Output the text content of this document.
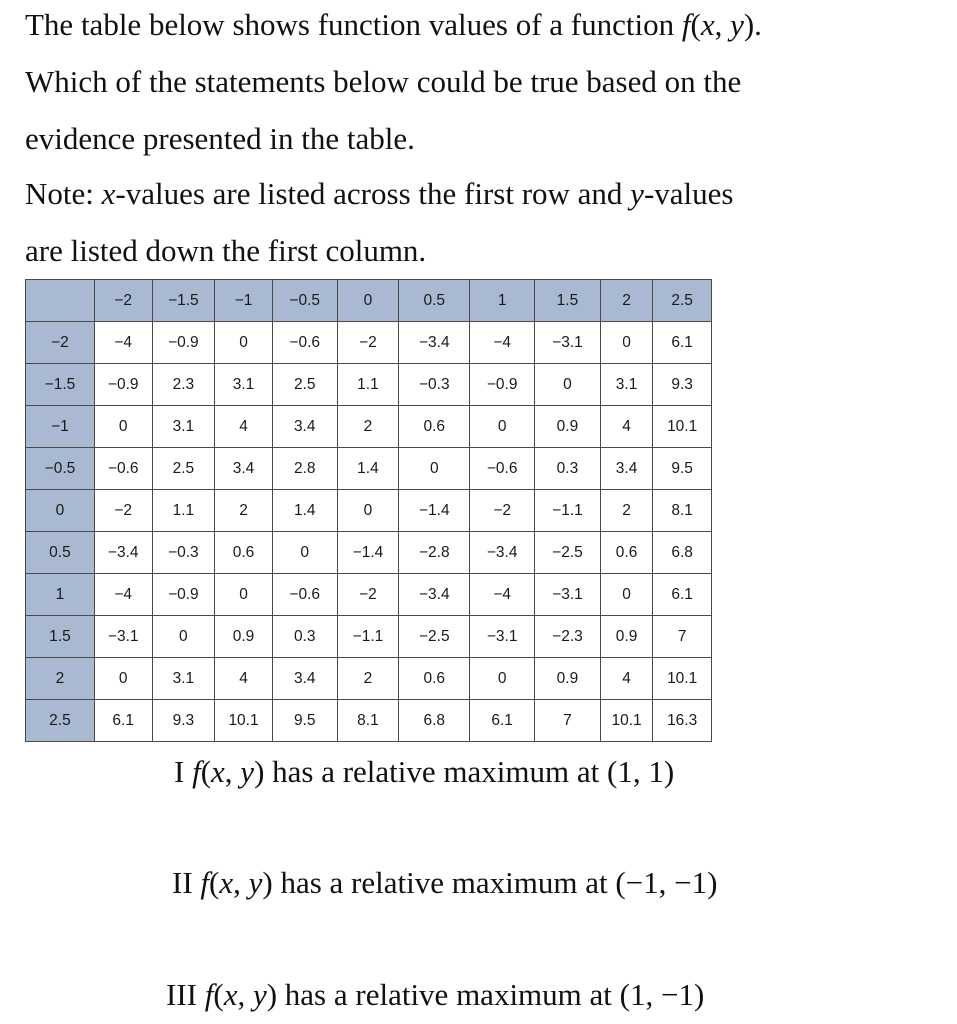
The table below shows function values of a function f(x, y).
Which of the statements below could be true based on the
evidence presented in the table.
Note: x-values are listed across the first row and y-values
are listed down the first column.
	−2	−1.5	−1	−0.5	0	0.5	1	1.5	2	2.5
−2	−4	−0.9	0	−0.6	−2	−3.4	−4	−3.1	0	6.1
−1.5	−0.9	2.3	3.1	2.5	1.1	−0.3	−0.9	0	3.1	9.3
−1	0	3.1	4	3.4	2	0.6	0	0.9	4	10.1
−0.5	−0.6	2.5	3.4	2.8	1.4	0	−0.6	0.3	3.4	9.5
0	−2	1.1	2	1.4	0	−1.4	−2	−1.1	2	8.1
0.5	−3.4	−0.3	0.6	0	−1.4	−2.8	−3.4	−2.5	0.6	6.8
1	−4	−0.9	0	−0.6	−2	−3.4	−4	−3.1	0	6.1
1.5	−3.1	0	0.9	0.3	−1.1	−2.5	−3.1	−2.3	0.9	7
2	0	3.1	4	3.4	2	0.6	0	0.9	4	10.1
2.5	6.1	9.3	10.1	9.5	8.1	6.8	6.1	7	10.1	16.3
I f(x, y) has a relative maximum at (1, 1)
II f(x, y) has a relative maximum at (−1, −1)
III f(x, y) has a relative maximum at (1, −1)
